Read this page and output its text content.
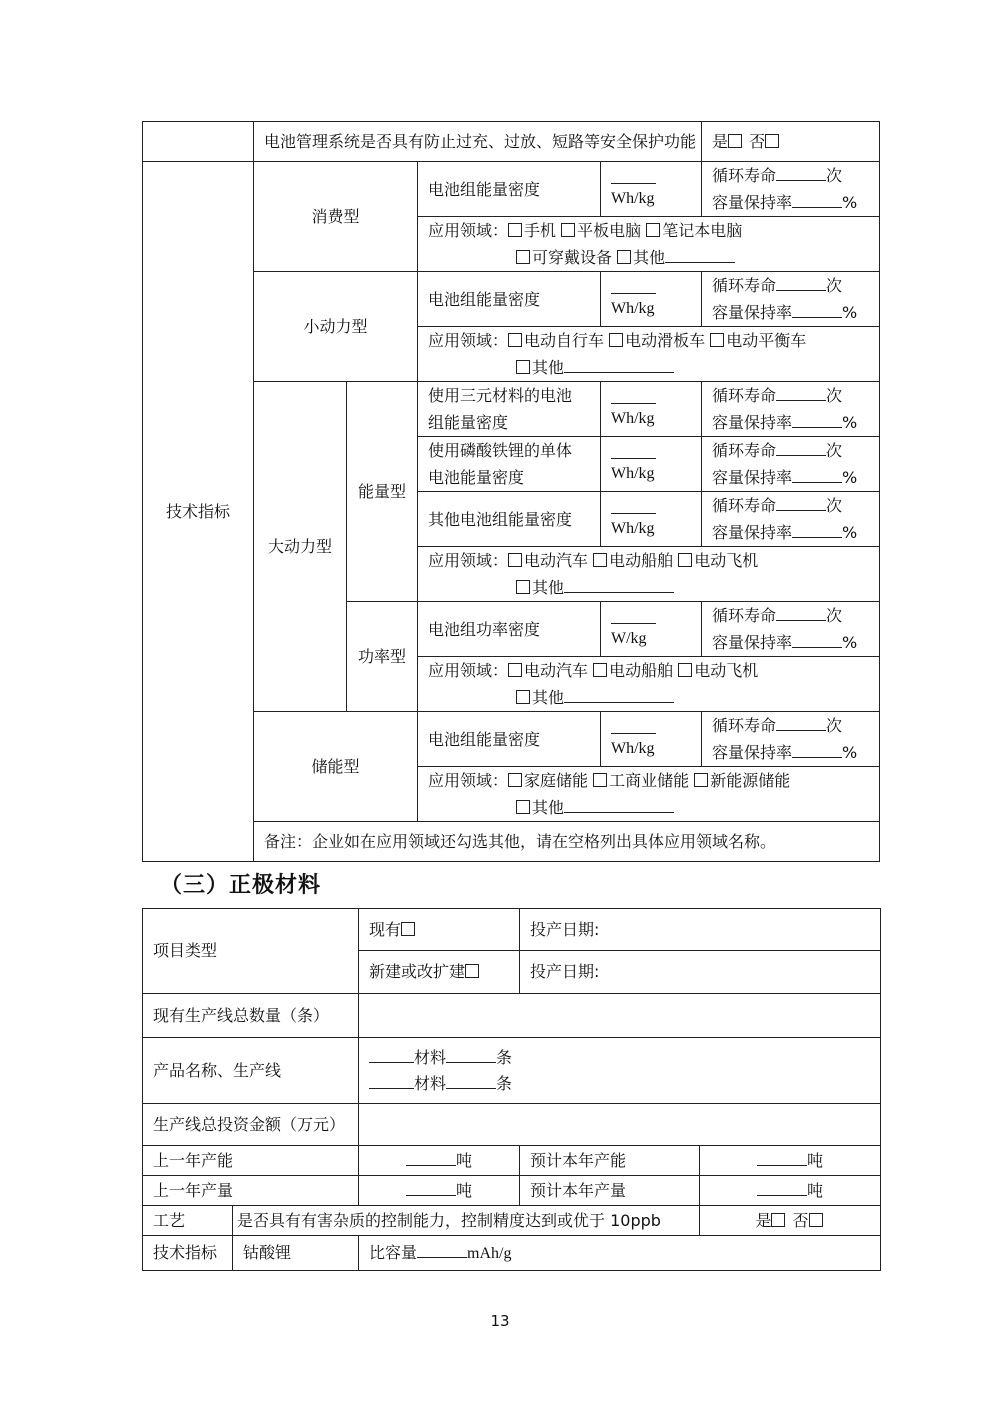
	电池管理系统是否具有防止过充、过放、短路等安全保护功能				是 否
技术指标	消费型		电池组能量密度	Wh/kg	循环寿命 次
容量保持率 %

			应用领域： 手机 平板电脑 笔记本电脑
可穿戴设备 其他		

	小动力型		电池组能量密度	Wh/kg	循环寿命 次
容量保持率 %

			应用领域： 电动自行车 电动滑板车 电动平衡车
其他		

	大动力型	能量型	使用三元材料的电池
组能量密度	Wh/kg	循环寿命 次
容量保持率 %

			使用磷酸铁锂的单体
电池能量密度	Wh/kg	循环寿命 次
容量保持率 %

			其他电池组能量密度	Wh/kg	循环寿命 次
容量保持率 %

			应用领域： 电动汽车 电动船舶 电动飞机
其他		

		功率型	电池组功率密度	W/kg	循环寿命 次
容量保持率 %

			应用领域： 电动汽车 电动船舶 电动飞机
其他		

	储能型		电池组能量密度	Wh/kg	循环寿命 次
容量保持率 %

			应用领域： 家庭储能 工商业储能 新能源储能
其他		

	备注：企业如在应用领域还勾选其他，请在空格列出具体应用领域名称。				
（三）正极材料
项目类型		现有	投产日期:	
		新建或改扩建	投产日期:	
现有生产线总数量（条）				
产品名称、生产线		材料 条
材料 条		

生产线总投资金额（万元）				
上一年产能		吨	预计本年产能	吨
上一年产量		吨	预计本年产量	吨
工艺	是否具有有害杂质的控制能力，控制精度达到或优于 10ppb			是 否
技术指标	钴酸锂	比容量 mAh/g		
13
